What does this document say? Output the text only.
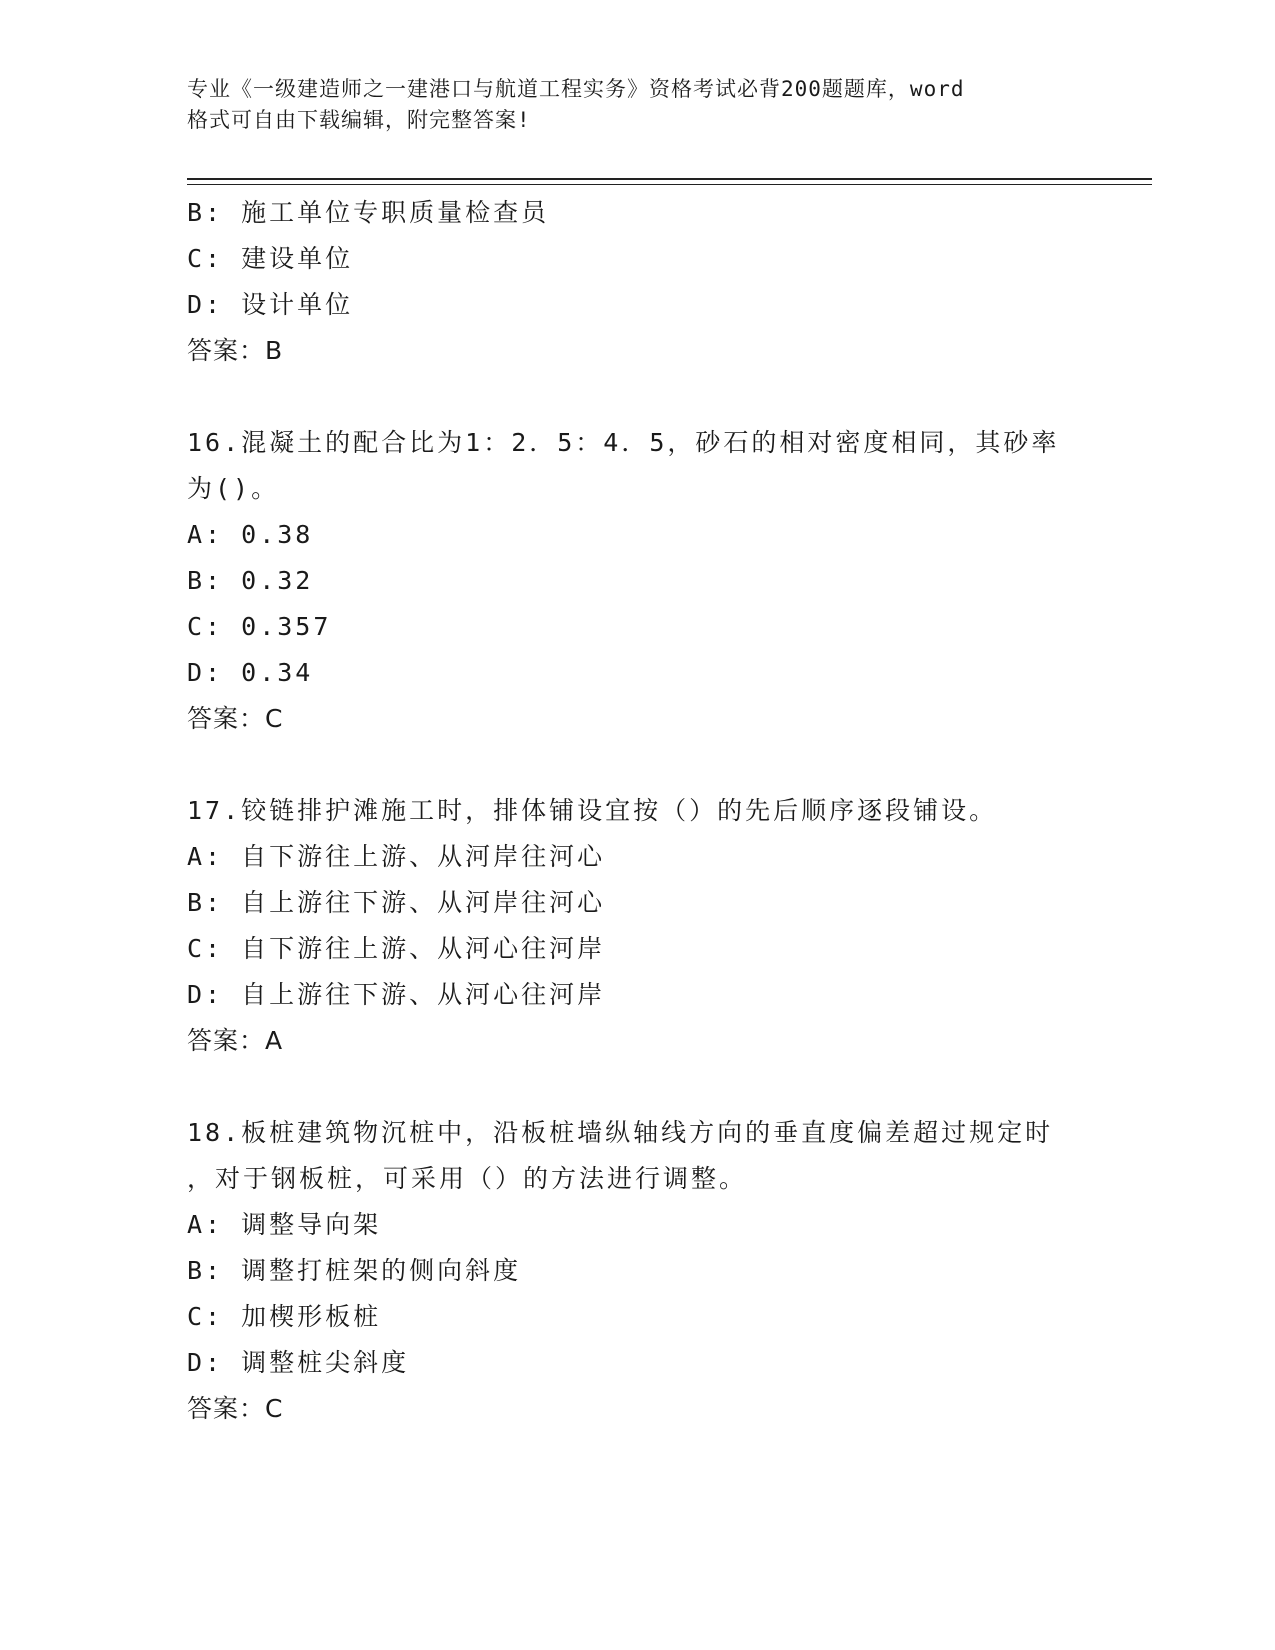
专业《一级建造师之一建港口与航道工程实务》资格考试必背200题题库，word

格式可自由下载编辑，附完整答案!

B: 施工单位专职质量检查员

C: 建设单位

D: 设计单位

答案：B

16.混凝土的配合比为1：2．5：4．5，砂石的相对密度相同，其砂率

为()。

A: 0.38

B: 0.32

C: 0.357

D: 0.34

答案：C

17.铰链排护滩施工时，排体铺设宜按（）的先后顺序逐段铺设。

A: 自下游往上游、从河岸往河心

B: 自上游往下游、从河岸往河心

C: 自下游往上游、从河心往河岸

D: 自上游往下游、从河心往河岸

答案：A

18.板桩建筑物沉桩中，沿板桩墙纵轴线方向的垂直度偏差超过规定时

，对于钢板桩，可采用（）的方法进行调整。

A: 调整导向架

B: 调整打桩架的侧向斜度

C: 加楔形板桩

D: 调整桩尖斜度

答案：C
